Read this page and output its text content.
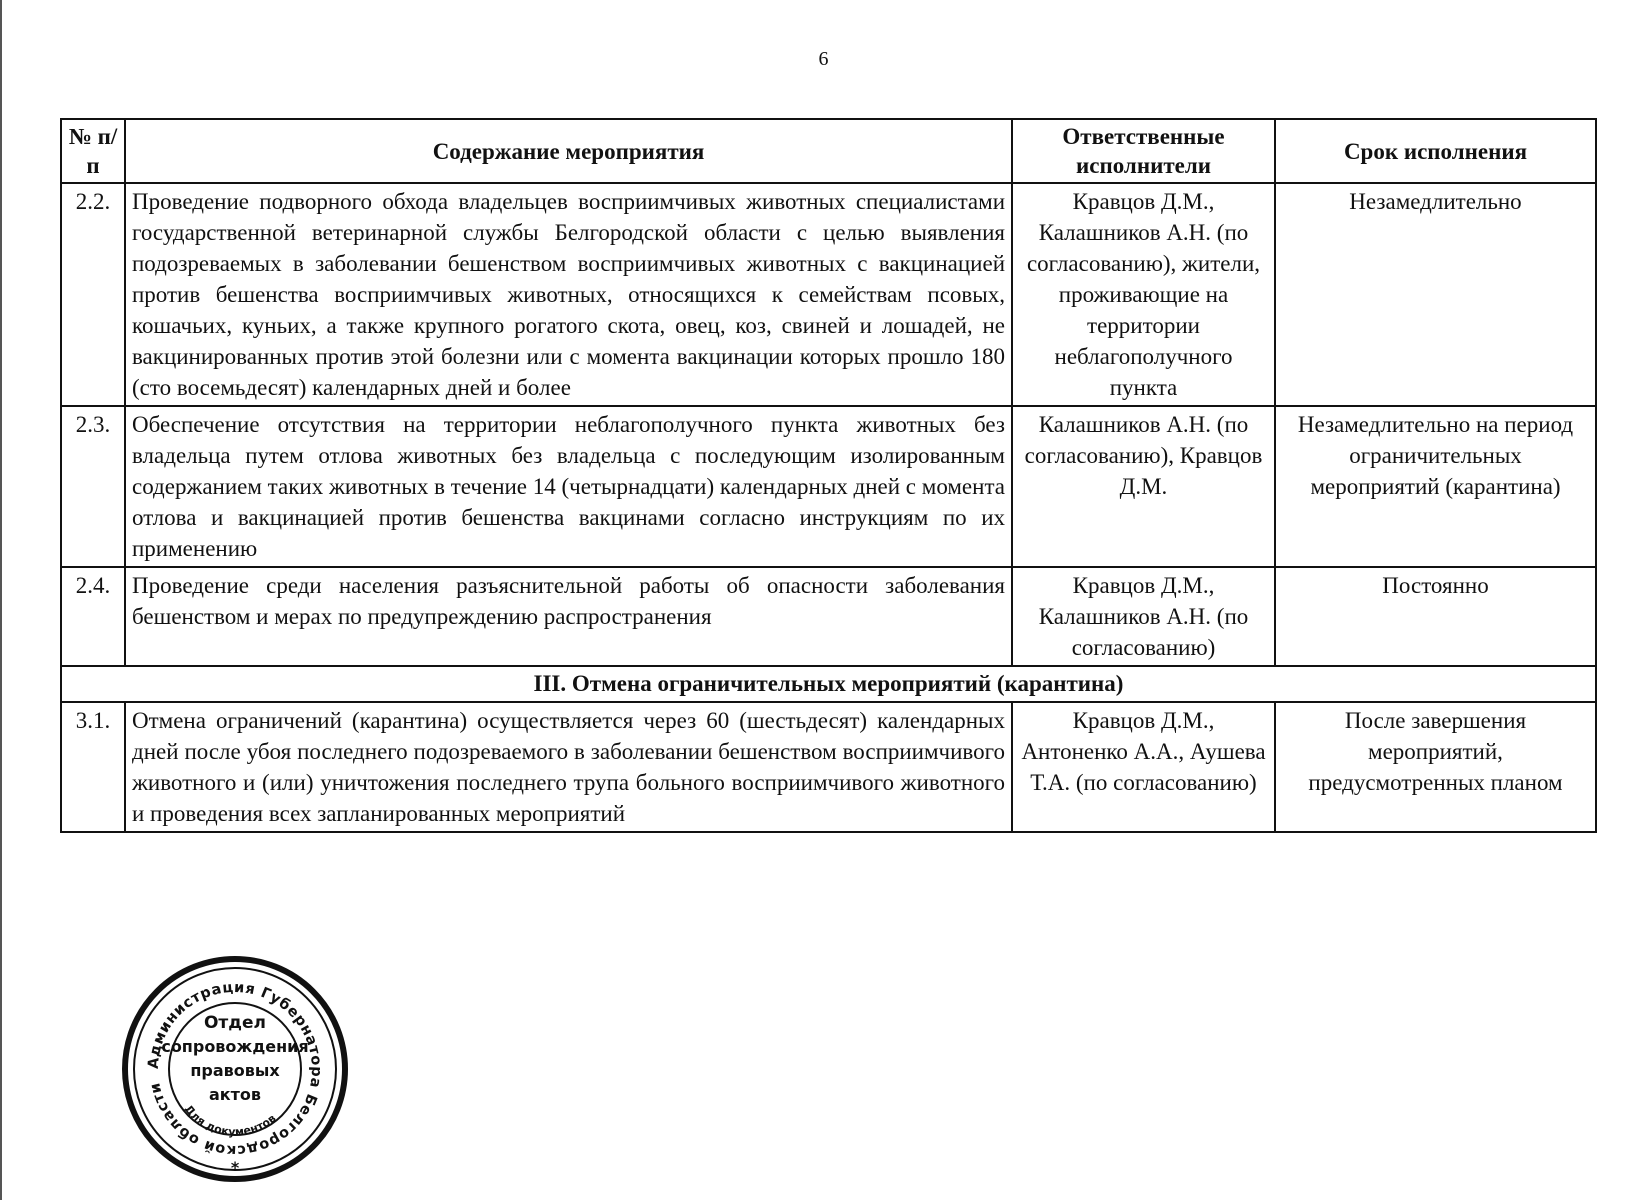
6
№ п/п	Содержание мероприятия	Ответственные исполнители	Срок исполнения
2.2.	Проведение подворного обхода владельцев восприимчивых животных специалистами государственной ветеринарной службы Белгородской области с целью выявления подозреваемых в заболевании бешенством восприимчивых животных с вакцинацией против бешенства восприимчивых животных, относящихся к семействам псовых, кошачьих, куньих, а также крупного рогатого скота, овец, коз, свиней и лошадей, не вакцинированных против этой болезни или с момента вакцинации которых прошло 180 (сто восемьдесят) календарных дней и более	Кравцов Д.М., Калашников А.Н. (по согласованию), жители, проживающие на территории неблагополучного пункта	Незамедлительно
2.3.	Обеспечение отсутствия на территории неблагополучного пункта животных без владельца путем отлова животных без владельца с последующим изолированным содержанием таких животных в течение 14 (четырнадцати) календарных дней с момента отлова и вакцинацией против бешенства вакцинами согласно инструкциям по их применению	Калашников А.Н. (по согласованию), Кравцов Д.М.	Незамедлительно на период ограничительных мероприятий (карантина)
2.4.	Проведение среди населения разъяснительной работы об опасности заболевания бешенством и мерах по предупреждению распространения	Кравцов Д.М., Калашников А.Н. (по согласованию)	Постоянно
III. Отмена ограничительных мероприятий (карантина)			
3.1.	Отмена ограничений (карантина) осуществляется через 60 (шестьдесят) календарных дней после убоя последнего подозреваемого в заболевании бешенством восприимчивого животного и (или) уничтожения последнего трупа больного восприимчивого животного и проведения всех запланированных мероприятий	Кравцов Д.М., Антоненко А.А., Аушева Т.А. (по согласованию)	После завершения мероприятий, предусмотренных планом
Администрация Губернатора Белгородской области
Для документов
*
Отдел
сопровождения
правовых
актов
